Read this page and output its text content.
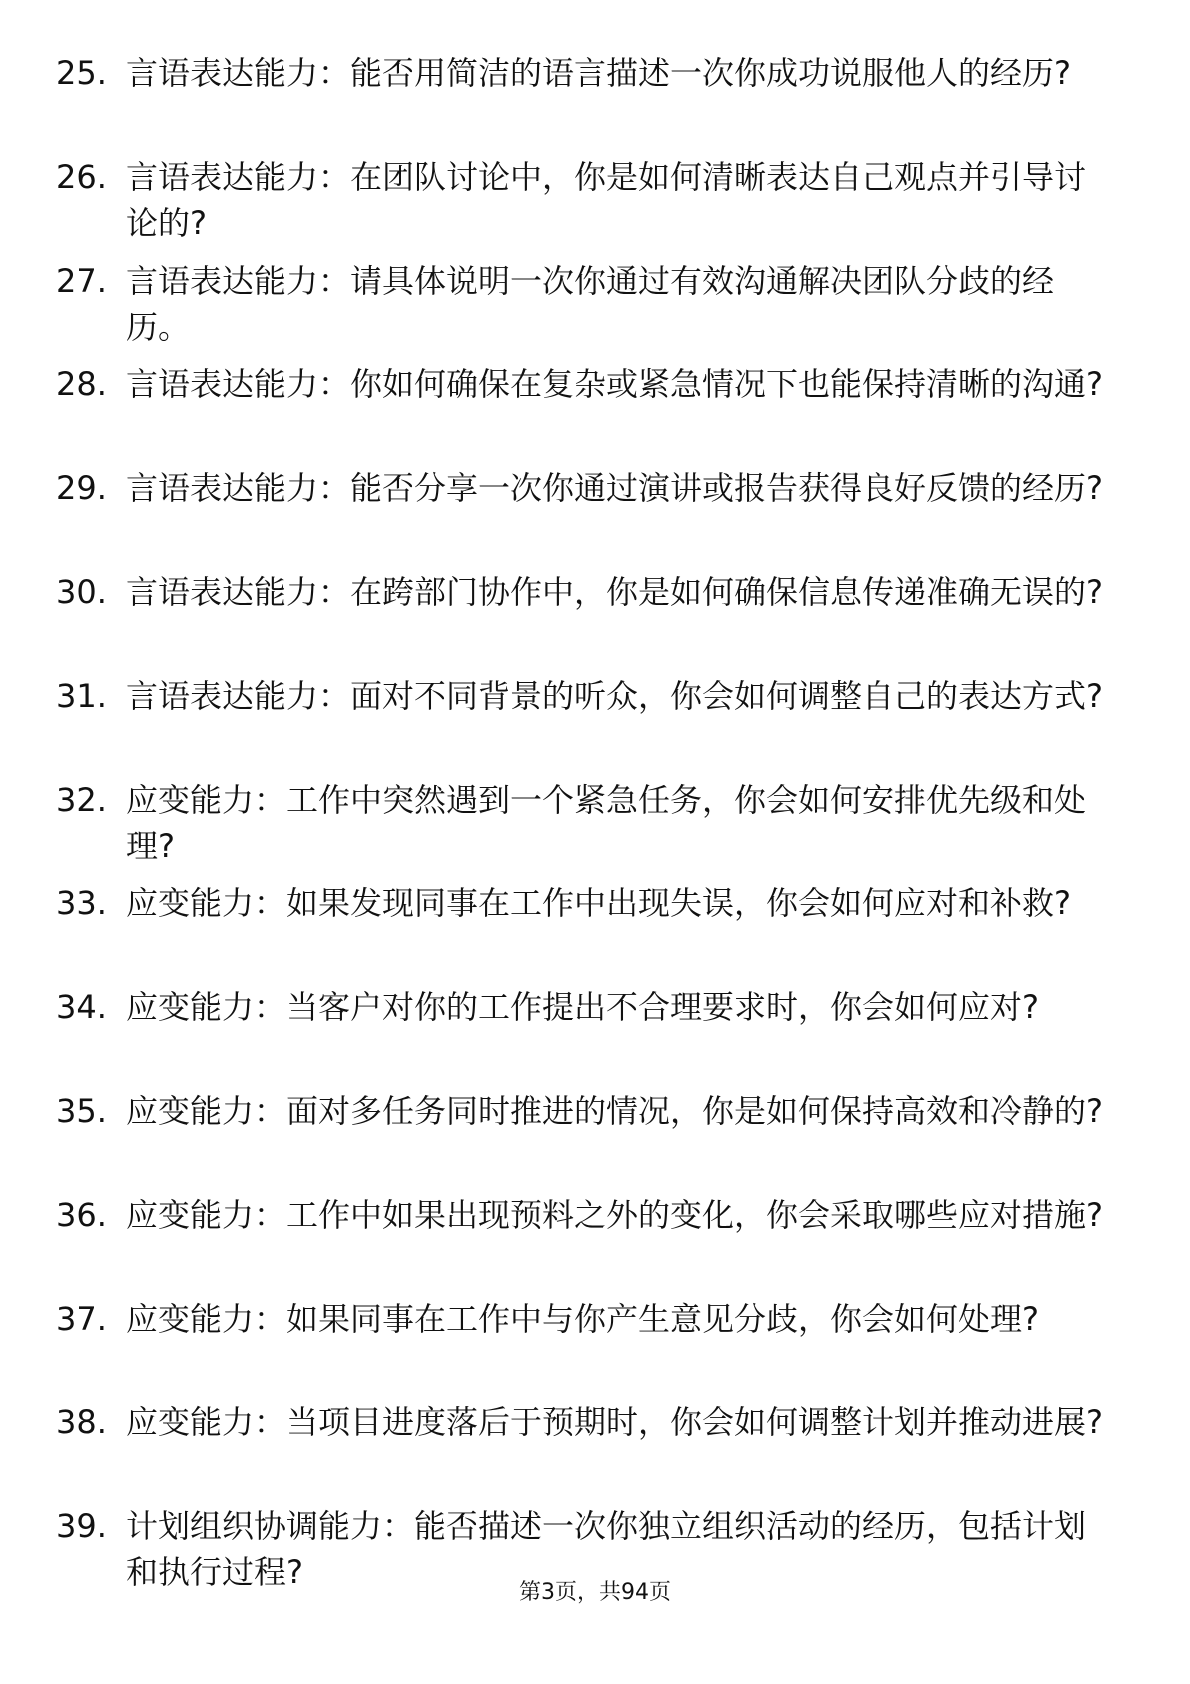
25. 言语表达能力：能否用简洁的语言描述一次你成功说服他人的经历?
26. 言语表达能力：在团队讨论中，你是如何清晰表达自己观点并引导讨论的?
27. 言语表达能力：请具体说明一次你通过有效沟通解决团队分歧的经历。
28. 言语表达能力：你如何确保在复杂或紧急情况下也能保持清晰的沟通?
29. 言语表达能力：能否分享一次你通过演讲或报告获得良好反馈的经历?
30. 言语表达能力：在跨部门协作中，你是如何确保信息传递准确无误的?
31. 言语表达能力：面对不同背景的听众，你会如何调整自己的表达方式?
32. 应变能力：工作中突然遇到一个紧急任务，你会如何安排优先级和处理?
33. 应变能力：如果发现同事在工作中出现失误，你会如何应对和补救?
34. 应变能力：当客户对你的工作提出不合理要求时，你会如何应对?
35. 应变能力：面对多任务同时推进的情况，你是如何保持高效和冷静的?
36. 应变能力：工作中如果出现预料之外的变化，你会采取哪些应对措施?
37. 应变能力：如果同事在工作中与你产生意见分歧，你会如何处理?
38. 应变能力：当项目进度落后于预期时，你会如何调整计划并推动进展?
39. 计划组织协调能力：能否描述一次你独立组织活动的经历，包括计划和执行过程?
第3页，共94页
